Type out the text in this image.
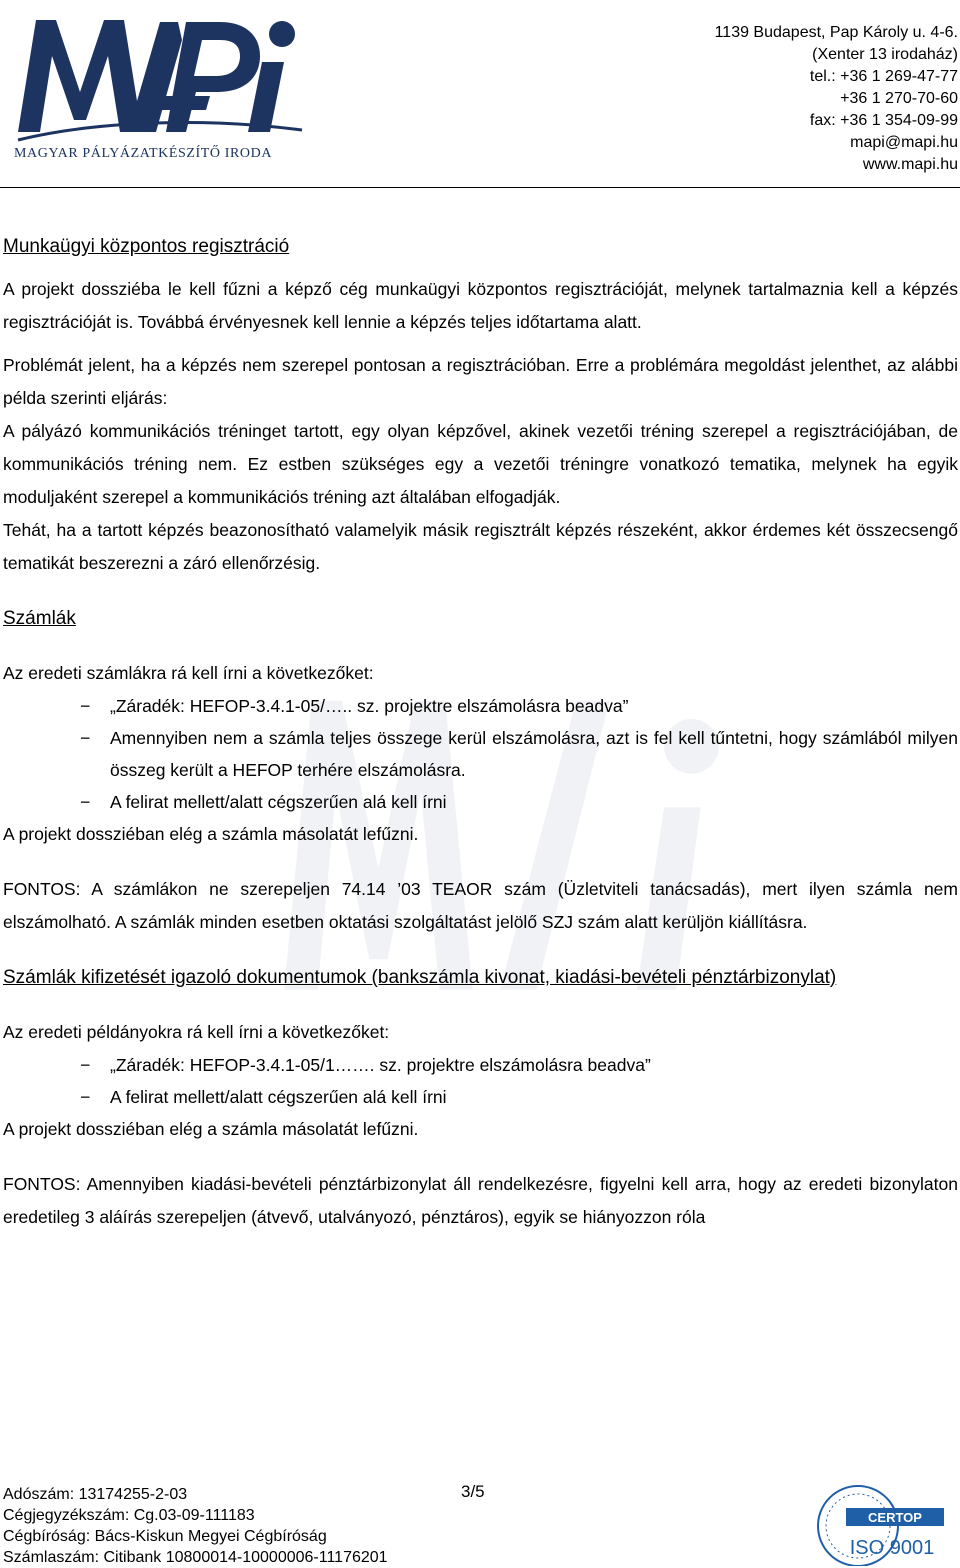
MAGYAR PÁLYÁZATKÉSZÍTŐ IRODA
1139 Budapest, Pap Károly u. 4-6.
(Xenter 13 irodaház)
tel.: +36 1 269-47-77
+36 1 270-70-60
fax: +36 1 354-09-99
mapi@mapi.hu
www.mapi.hu

Munkaügyi központos regisztráció

A projekt dossziéba le kell fűzni a képző cég munkaügyi központos regisztrációját, melynek tartalmaznia kell a képzés regisztrációját is. Továbbá érvényesnek kell lennie a képzés teljes időtartama alatt.

Problémát jelent, ha a képzés nem szerepel pontosan a regisztrációban. Erre a problémára megoldást jelenthet, az alábbi példa szerinti eljárás:

A pályázó kommunikációs tréninget tartott, egy olyan képzővel, akinek vezetői tréning szerepel a regisztrációjában, de kommunikációs tréning nem. Ez estben szükséges egy a vezetői tréningre vonatkozó tematika, melynek ha egyik moduljaként szerepel a kommunikációs tréning azt általában elfogadják.

Tehát, ha a tartott képzés beazonosítható valamelyik másik regisztrált képzés részeként, akkor érdemes két összecsengő tematikát beszerezni a záró ellenőrzésig.

Számlák

Az eredeti számlákra rá kell írni a következőket:

− „Záradék: HEFOP-3.4.1-05/….. sz. projektre elszámolásra beadva”
− Amennyiben nem a számla teljes összege kerül elszámolásra, azt is fel kell tűntetni, hogy számlából milyen összeg került a HEFOP terhére elszámolásra.
− A felirat mellett/alatt cégszerűen alá kell írni

A projekt dossziéban elég a számla másolatát lefűzni.

FONTOS: A számlákon ne szerepeljen 74.14 ’03 TEAOR szám (Üzletviteli tanácsadás), mert ilyen számla nem elszámolható. A számlák minden esetben oktatási szolgáltatást jelölő SZJ szám alatt kerüljön kiállításra.

Számlák kifizetését igazoló dokumentumok (bankszámla kivonat, kiadási-bevételi pénztárbizonylat)

Az eredeti példányokra rá kell írni a következőket:

− „Záradék: HEFOP-3.4.1-05/1……. sz. projektre elszámolásra beadva”
− A felirat mellett/alatt cégszerűen alá kell írni

A projekt dossziéban elég a számla másolatát lefűzni.

FONTOS: Amennyiben kiadási-bevételi pénztárbizonylat áll rendelkezésre, figyelni kell arra, hogy az eredeti bizonylaton eredetileg 3 aláírás szerepeljen (átvevő, utalványozó, pénztáros), egyik se hiányozzon róla

Adószám: 13174255-2-03
Cégjegyzékszám: Cg.03-09-111183
Cégbíróság: Bács-Kiskun Megyei Cégbíróság
Számlaszám: Citibank 10800014-10000006-11176201
3/5
CERTOP
ISO 9001
